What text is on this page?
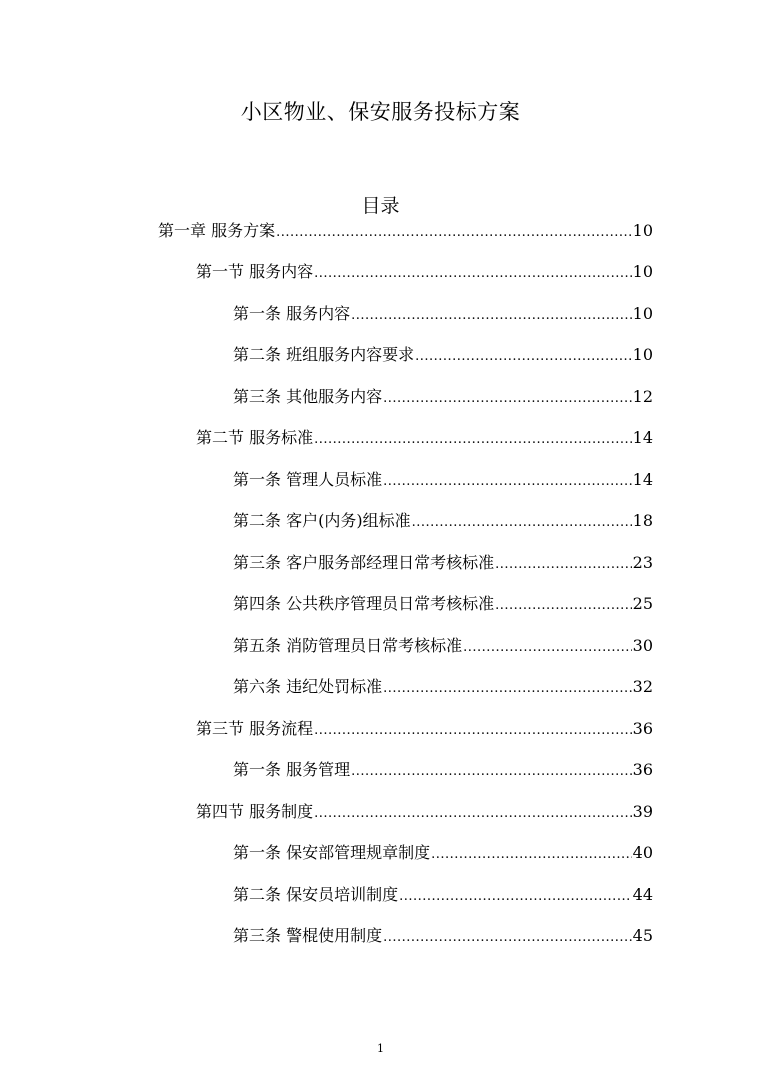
小区物业、保安服务投标方案
目录
第一章 服务方案 .....	10
第一节 服务内容 .....	10
第一条 服务内容 .....	10
第二条 班组服务内容要求 .....	10
第三条 其他服务内容 .....	12
第二节 服务标准 .....	14
第一条 管理人员标准 .....	14
第二条 客户(内务)组标准 .....	18
第三条 客户服务部经理日常考核标准 .....	23
第四条 公共秩序管理员日常考核标准 .....	25
第五条 消防管理员日常考核标准 .....	30
第六条 违纪处罚标准 .....	32
第三节 服务流程 .....	36
第一条 服务管理 .....	36
第四节 服务制度 .....	39
第一条 保安部管理规章制度 .....	40
第二条 保安员培训制度 .....	44
第三条 警棍使用制度 .....	45
1
